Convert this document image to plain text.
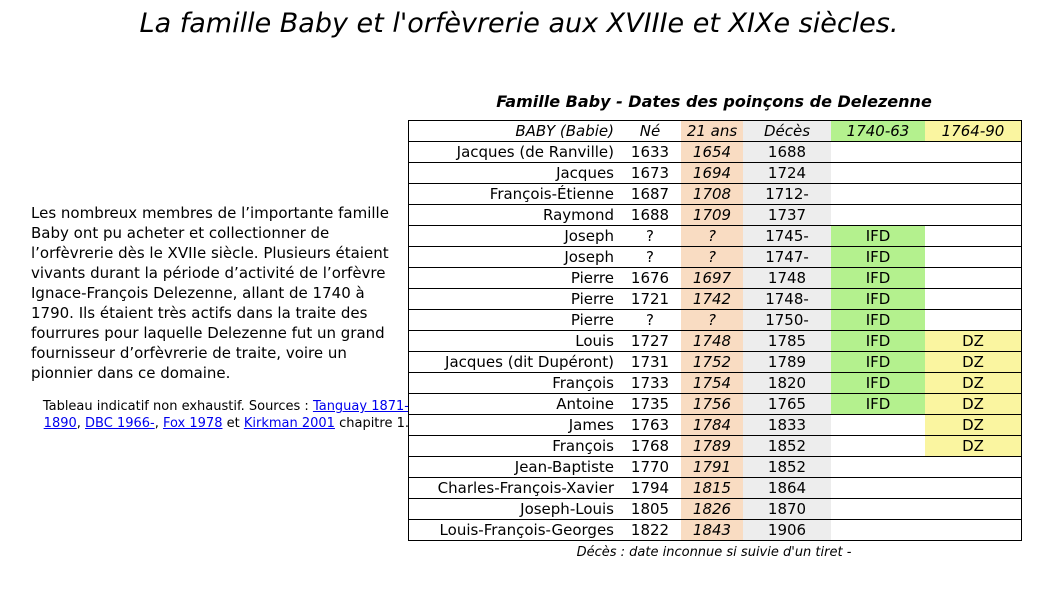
La famille Baby et l'orfèvrerie aux XVIIIe et XIXe siècles.

Les nombreux membres de l’importante famille Baby ont pu acheter et collectionner de l’orfèvrerie dès le XVIIe siècle. Plusieurs étaient vivants durant la période d’activité de l’orfèvre Ignace-François Delezenne, allant de 1740 à 1790. Ils étaient très actifs dans la traite des fourrures pour laquelle Delezenne fut un grand fournisseur d’orfèvrerie de traite, voire un pionnier dans ce domaine.

Tableau indicatif non exhaustif. Sources : Tanguay 1871-1890, DBC 1966-, Fox 1978 et Kirkman 2001 chapitre 1.

Famille Baby - Dates des poinçons de Delezenne
BABY (Babie)	Né	21 ans	Décès	1740-63	1764-90
Jacques (de Ranville)	1633	1654	1688		
Jacques	1673	1694	1724		
François-Étienne	1687	1708	1712-		
Raymond	1688	1709	1737		
Joseph	?	?	1745-	IFD	
Joseph	?	?	1747-	IFD	
Pierre	1676	1697	1748	IFD	
Pierre	1721	1742	1748-	IFD	
Pierre	?	?	1750-	IFD	
Louis	1727	1748	1785	IFD	DZ
Jacques (dit Dupéront)	1731	1752	1789	IFD	DZ
François	1733	1754	1820	IFD	DZ
Antoine	1735	1756	1765	IFD	DZ
James	1763	1784	1833		DZ
François	1768	1789	1852		DZ
Jean-Baptiste	1770	1791	1852		
Charles-François-Xavier	1794	1815	1864		
Joseph-Louis	1805	1826	1870		
Louis-François-Georges	1822	1843	1906		
Décès : date inconnue si suivie d'un tiret -
